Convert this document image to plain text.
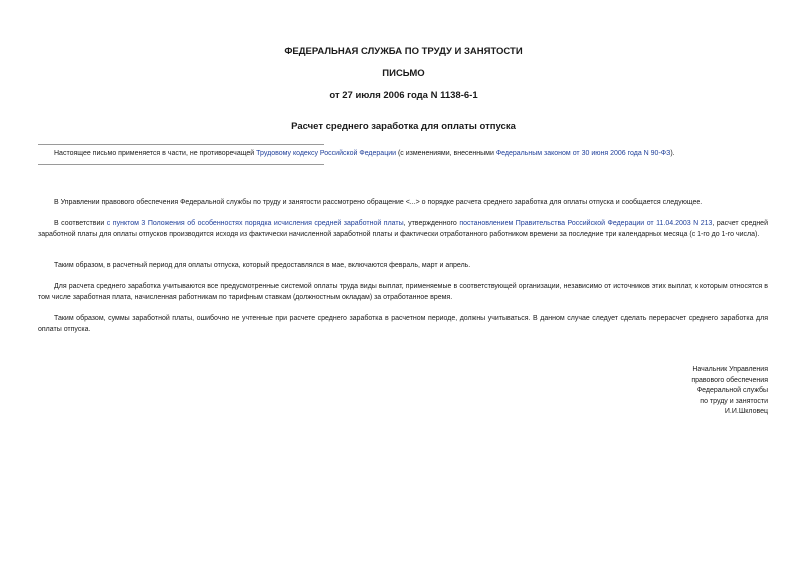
ФЕДЕРАЛЬНАЯ СЛУЖБА ПО ТРУДУ И ЗАНЯТОСТИ

ПИСЬМО

от 27 июля 2006 года N 1138-6-1

Расчет среднего заработка для оплаты отпуска

Настоящее письмо применяется в части, не противоречащей Трудовому кодексу Российской Федерации (с изменениями, внесенными Федеральным законом от 30 июня 2006 года N 90-ФЗ).

В Управлении правового обеспечения Федеральной службы по труду и занятости рассмотрено обращение <...> о порядке расчета среднего заработка для оплаты отпуска и сообщается следующее.

В соответствии с пунктом 3 Положения об особенностях порядка исчисления средней заработной платы, утвержденного постановлением Правительства Российской Федерации от 11.04.2003 N 213, расчет средней заработной платы для оплаты отпусков производится исходя из фактически начисленной заработной платы и фактически отработанного работником времени за последние три календарных месяца (с 1-го до 1-го числа).

Таким образом, в расчетный период для оплаты отпуска, который предоставлялся в мае, включаются февраль, март и апрель.

Для расчета среднего заработка учитываются все предусмотренные системой оплаты труда виды выплат, применяемые в соответствующей организации, независимо от источников этих выплат, к которым относятся в том числе заработная плата, начисленная работникам по тарифным ставкам (должностным окладам) за отработанное время.

Таким образом, суммы заработной платы, ошибочно не учтенные при расчете среднего заработка в расчетном периоде, должны учитываться. В данном случае следует сделать перерасчет среднего заработка для оплаты отпуска.

Начальник Управления
правового обеспечения
Федеральной службы
по труду и занятости
И.И.Шкловец
